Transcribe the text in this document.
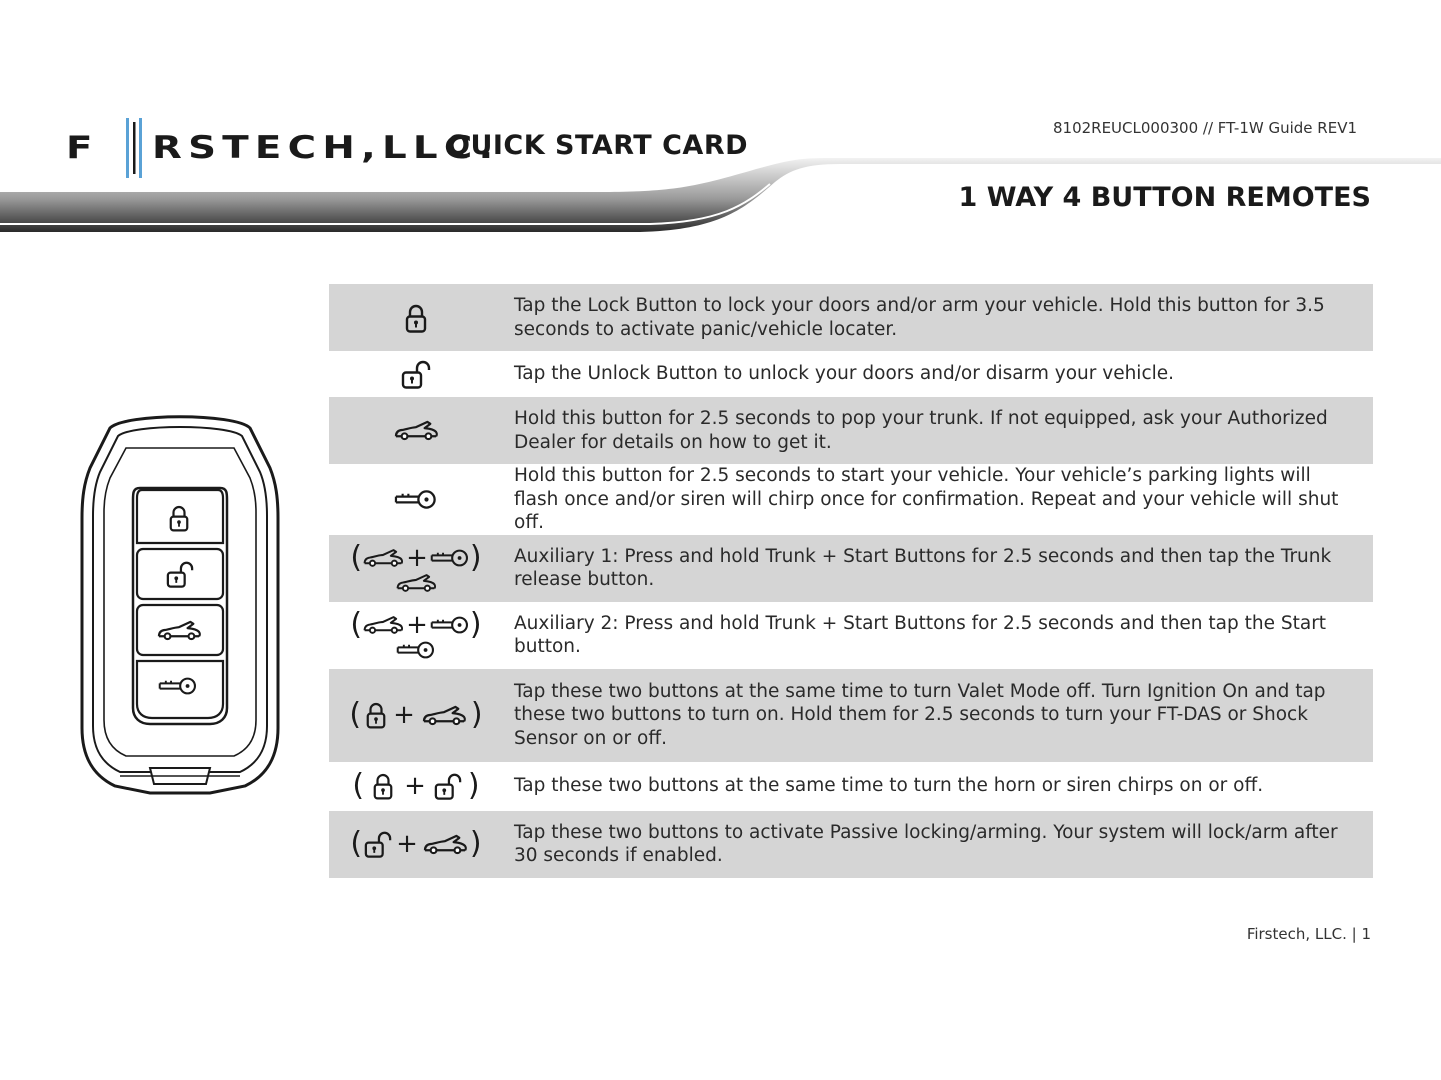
F RSTECH,LLC.
QUICK START CARD
8102REUCL000300 // FT-1W Guide REV1
1 WAY 4 BUTTON REMOTES
	Tap the Lock Button to lock your doors and/or arm your vehicle. Hold this button for 3.5 seconds to activate panic/vehicle locater.

	Tap the Unlock Button to unlock your doors and/or disarm your vehicle.

	Hold this button for 2.5 seconds to pop your trunk. If not equipped, ask your Authorized Dealer for details on how to get it.

	Hold this button for 2.5 seconds to start your vehicle. Your vehicle’s parking lights will flash once and/or siren will chirp once for confirmation. Repeat and your vehicle will shut off.

( + )	Auxiliary 1: Press and hold Trunk + Start Buttons for 2.5 seconds and then tap the Trunk release button.

( + )	Auxiliary 2: Press and hold Trunk + Start Buttons for 2.5 seconds and then tap the Start button.

( + )	Tap these two buttons at the same time to turn Valet Mode off. Turn Ignition On and tap these two buttons to turn on. Hold them for 2.5 seconds to turn your FT-DAS or Shock Sensor on or off.

( + )	Tap these two buttons at the same time to turn the horn or siren chirps on or off.

( + )	Tap these two buttons to activate Passive locking/arming. Your system will lock/arm after 30 seconds if enabled.
Firstech, LLC. | 1
